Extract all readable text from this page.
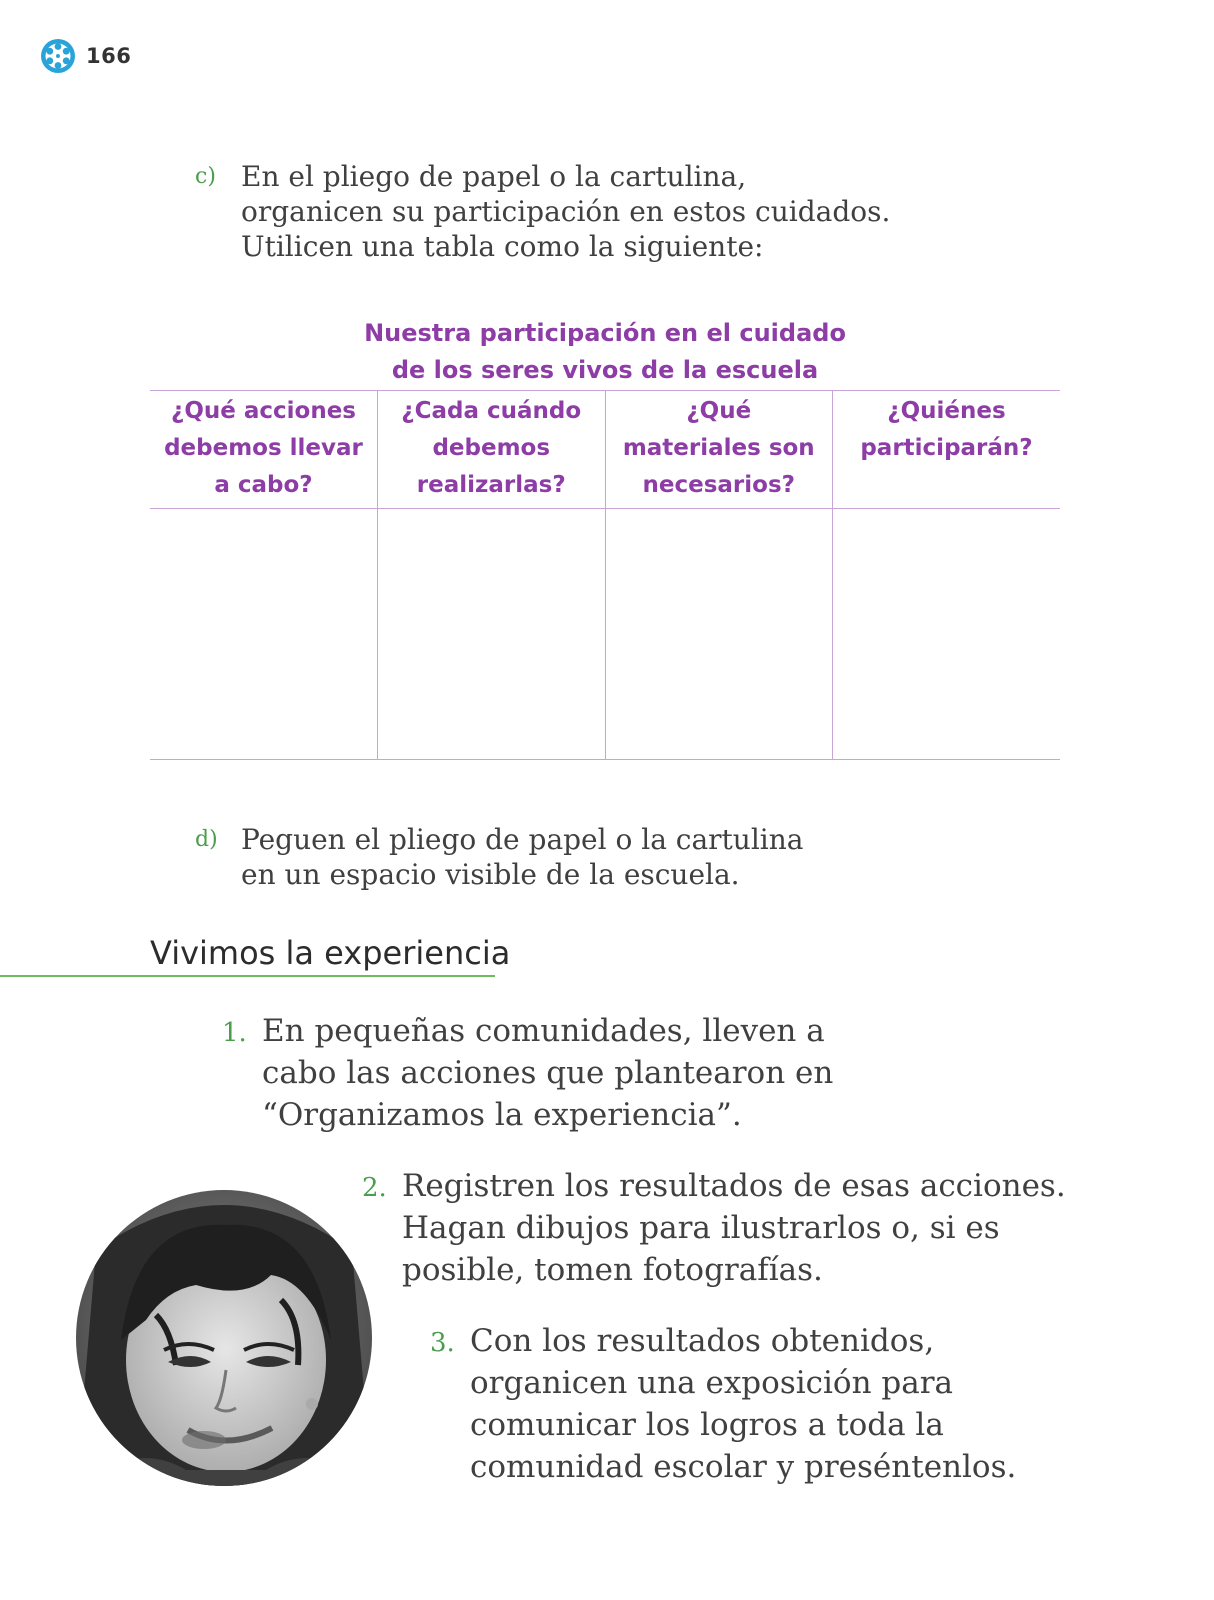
166
c) En el pliego de papel o la cartulina,
organicen su participación en estos cuidados.
Utilicen una tabla como la siguiente:
Nuestra participación en el cuidado
de los seres vivos de la escuela
¿Qué acciones
debemos llevar
a cabo?	¿Cada cuándo
debemos
realizarlas?	¿Qué
materiales son
necesarios?	¿Quiénes
participarán?

d) Peguen el pliego de papel o la cartulina
en un espacio visible de la escuela.
Vivimos la experiencia
1. En pequeñas comunidades, lleven a
cabo las acciones que plantearon en
“Organizamos la experiencia”.
2. Registren los resultados de esas acciones.
Hagan dibujos para ilustrarlos o, si es
posible, tomen fotografías.
3. Con los resultados obtenidos,
organicen una exposición para
comunicar los logros a toda la
comunidad escolar y preséntenlos.
